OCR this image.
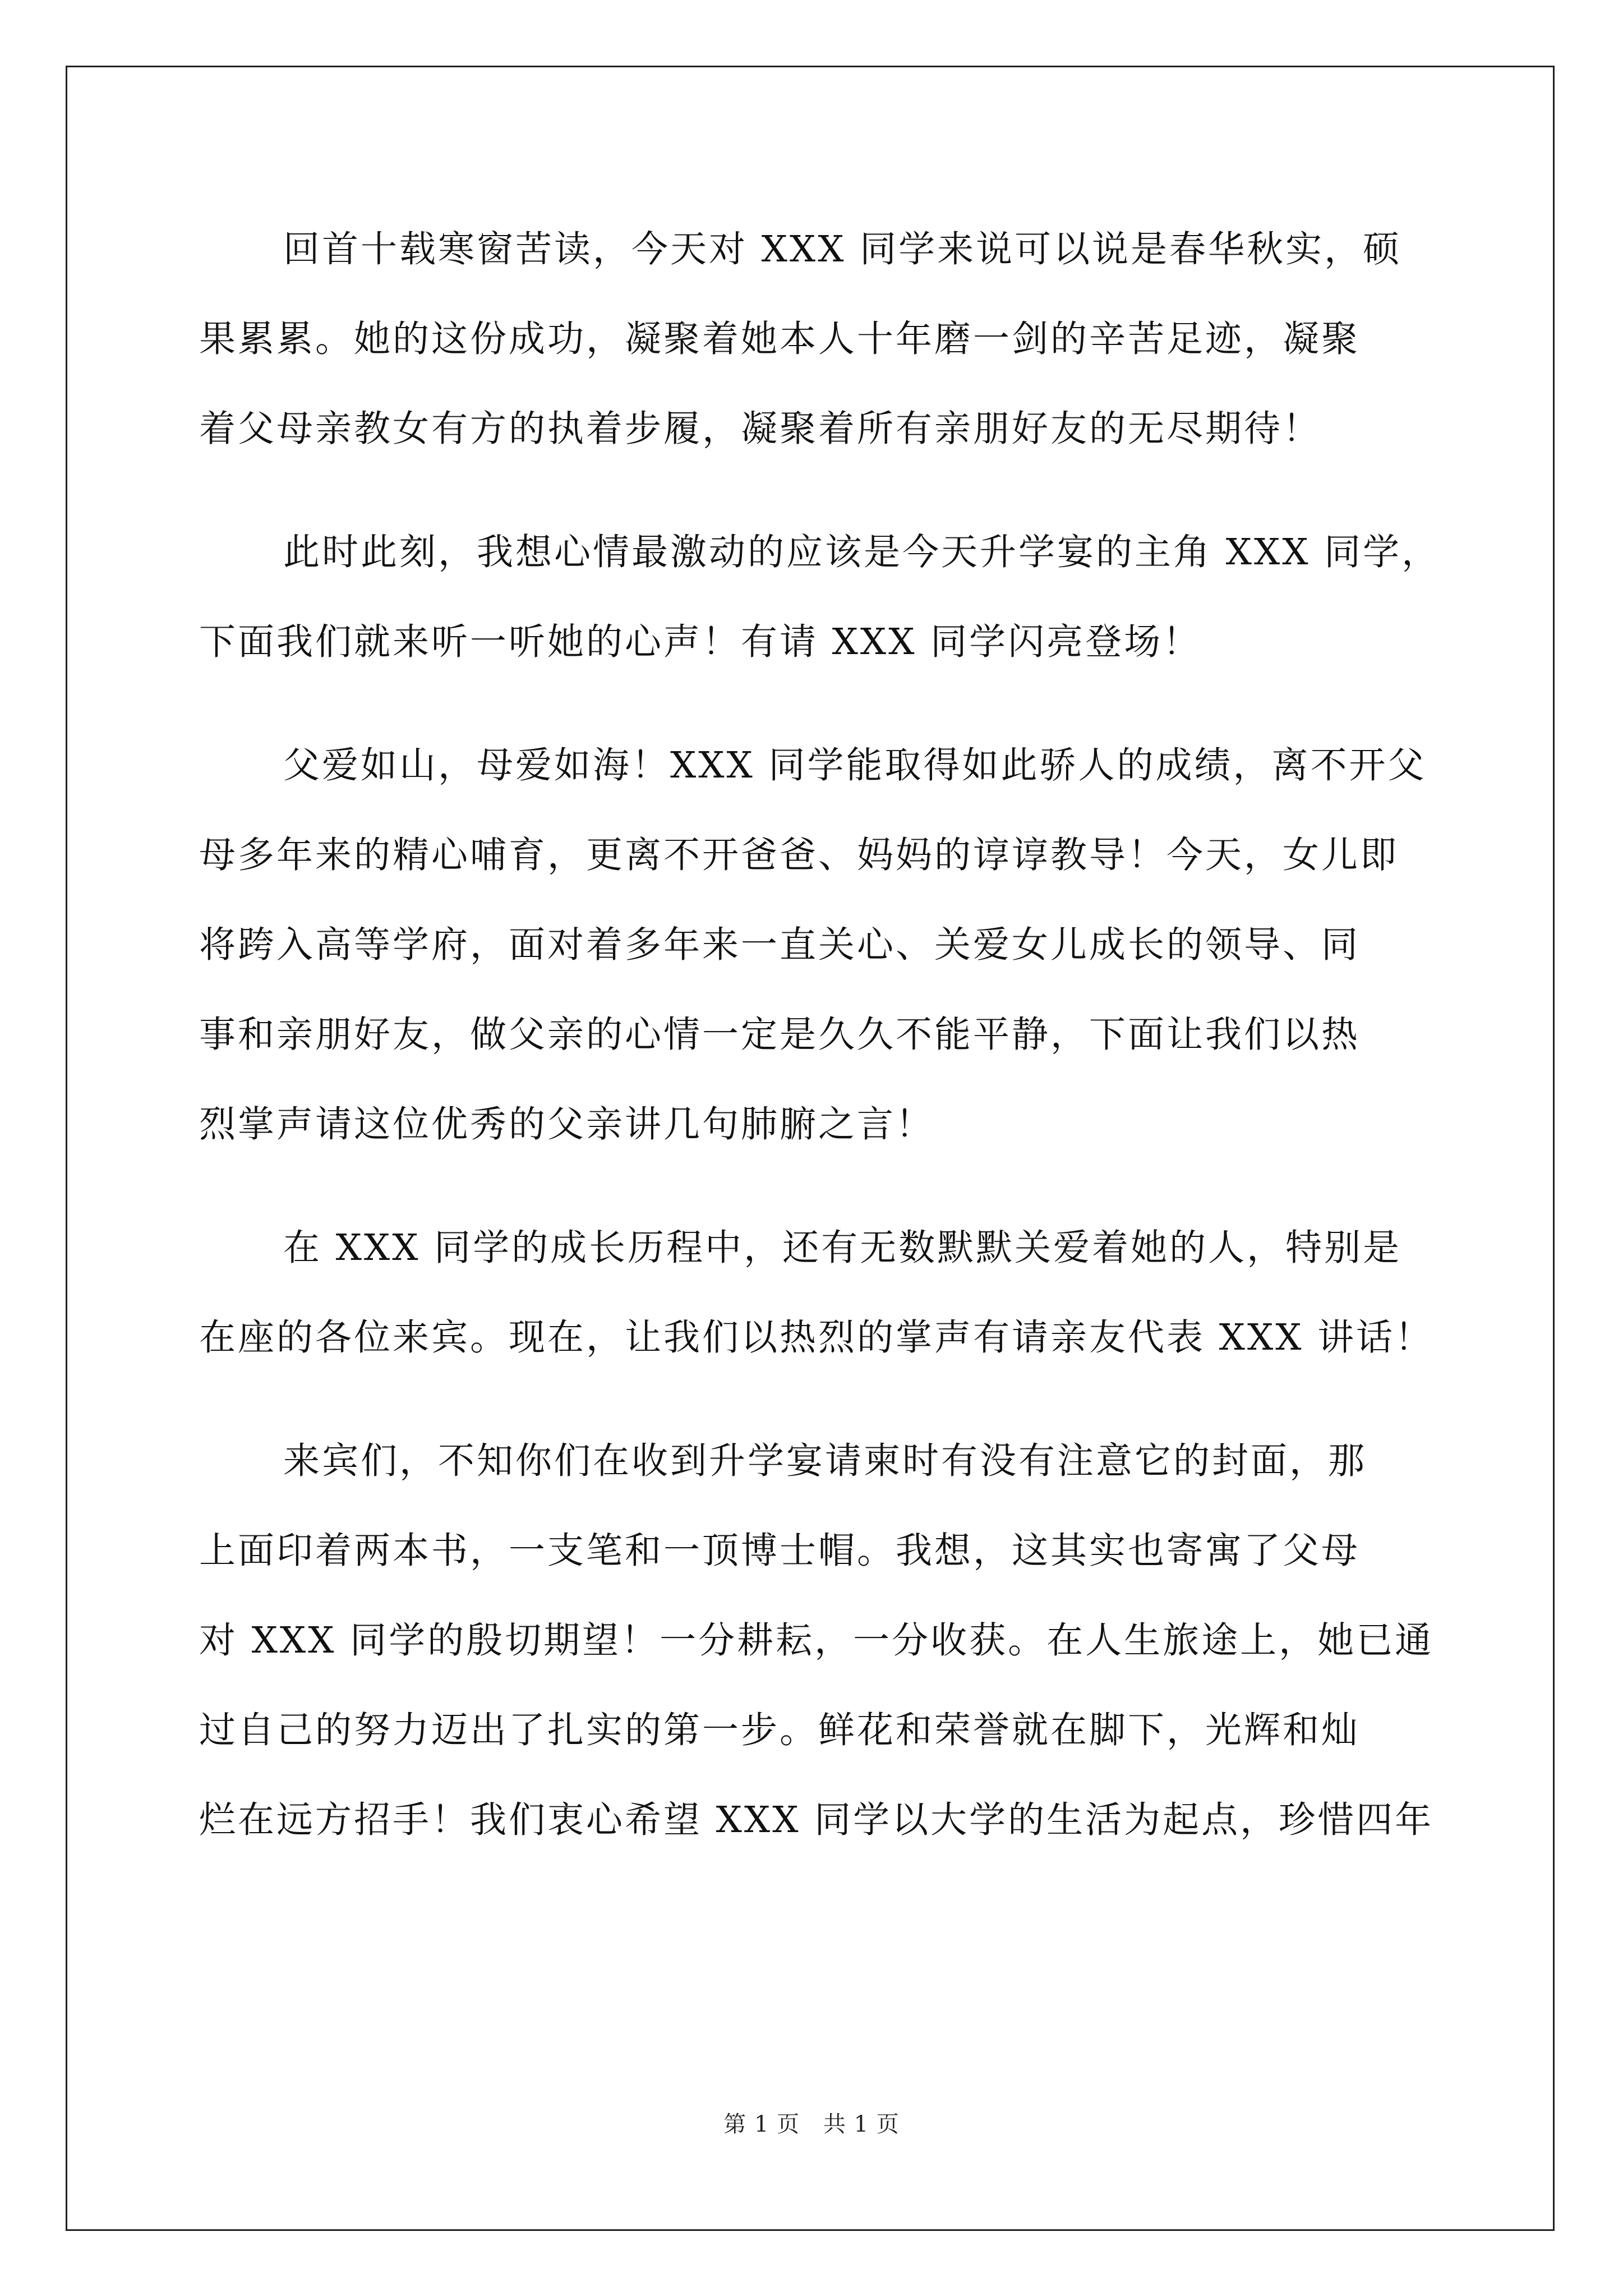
回首十载寒窗苦读，今天对 XXX 同学来说可以说是春华秋实，硕
果累累。她的这份成功，凝聚着她本人十年磨一剑的辛苦足迹，凝聚
着父母亲教女有方的执着步履，凝聚着所有亲朋好友的无尽期待！
此时此刻，我想心情最激动的应该是今天升学宴的主角 XXX 同学，
下面我们就来听一听她的心声！有请 XXX 同学闪亮登场！
父爱如山，母爱如海！XXX 同学能取得如此骄人的成绩，离不开父
母多年来的精心哺育，更离不开爸爸、妈妈的谆谆教导！今天，女儿即
将跨入高等学府，面对着多年来一直关心、关爱女儿成长的领导、同
事和亲朋好友，做父亲的心情一定是久久不能平静，下面让我们以热
烈掌声请这位优秀的父亲讲几句肺腑之言！
在 XXX 同学的成长历程中，还有无数默默关爱着她的人，特别是
在座的各位来宾。现在，让我们以热烈的掌声有请亲友代表 XXX 讲话！
来宾们，不知你们在收到升学宴请柬时有没有注意它的封面，那
上面印着两本书，一支笔和一顶博士帽。我想，这其实也寄寓了父母
对 XXX 同学的殷切期望！一分耕耘，一分收获。在人生旅途上，她已通
过自己的努力迈出了扎实的第一步。鲜花和荣誉就在脚下，光辉和灿
烂在远方招手！我们衷心希望 XXX 同学以大学的生活为起点，珍惜四年
第 1 页 共 1 页
